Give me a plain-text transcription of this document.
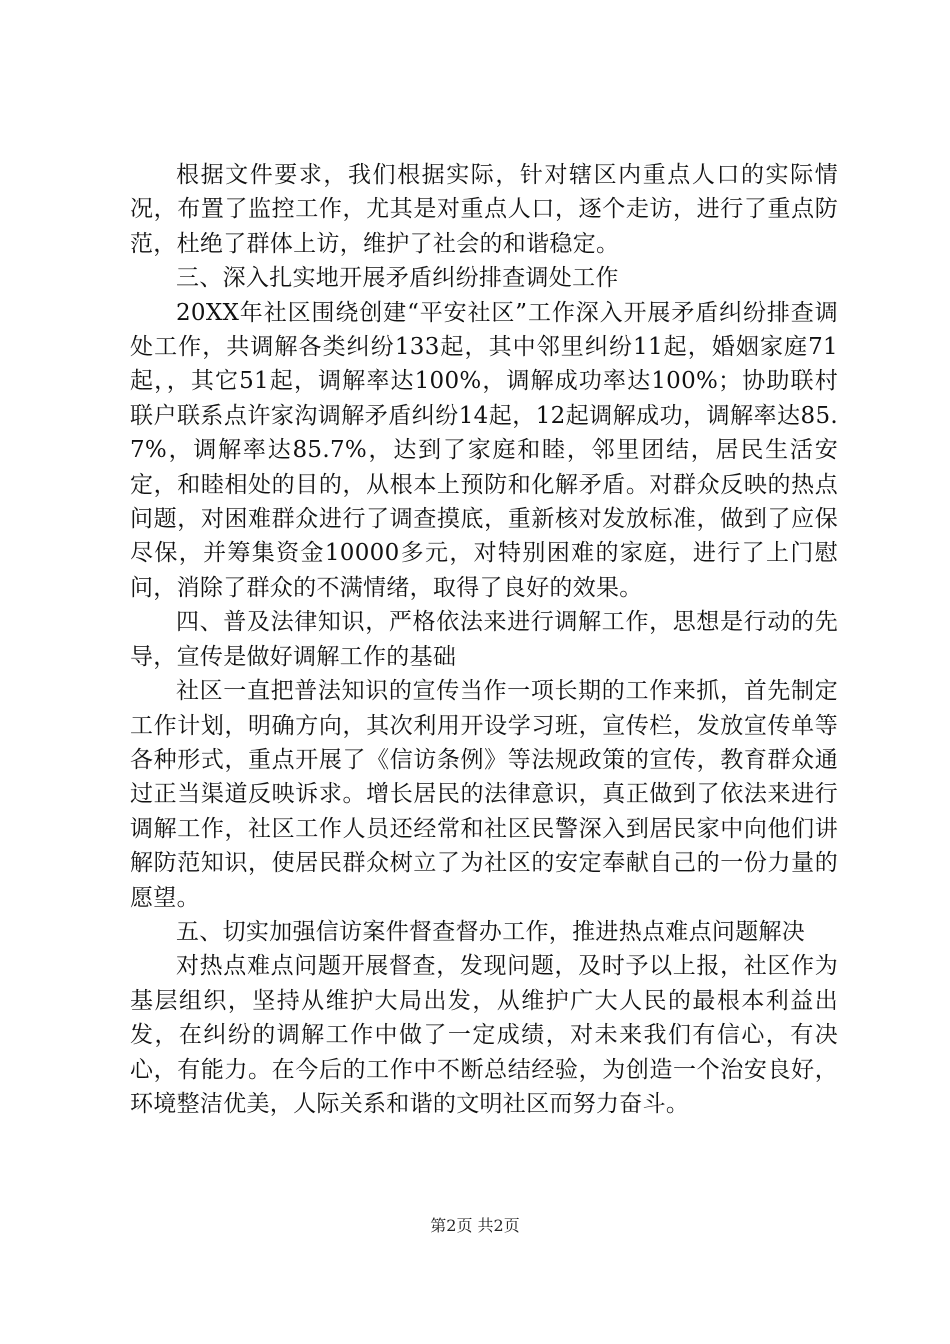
根据文件要求，我们根据实际，针对辖区内重点人口的实际情况，布置了监控工作，尤其是对重点人口，逐个走访，进行了重点防范，杜绝了群体上访，维护了社会的和谐稳定。

三、深入扎实地开展矛盾纠纷排查调处工作

20XX年社区围绕创建“平安社区”工作深入开展矛盾纠纷排查调处工作，共调解各类纠纷133起，其中邻里纠纷11起，婚姻家庭71起，，其它51起，调解率达100%，调解成功率达100%；协助联村联户联系点许家沟调解矛盾纠纷14起，12起调解成功，调解率达85.7%，调解率达85.7%，达到了家庭和睦，邻里团结，居民生活安定，和睦相处的目的，从根本上预防和化解矛盾。对群众反映的热点问题，对困难群众进行了调查摸底，重新核对发放标准，做到了应保尽保，并筹集资金10000多元，对特别困难的家庭，进行了上门慰问，消除了群众的不满情绪，取得了良好的效果。

四、普及法律知识，严格依法来进行调解工作，思想是行动的先导，宣传是做好调解工作的基础

社区一直把普法知识的宣传当作一项长期的工作来抓，首先制定工作计划，明确方向，其次利用开设学习班，宣传栏，发放宣传单等各种形式，重点开展了《信访条例》等法规政策的宣传，教育群众通过正当渠道反映诉求。增长居民的法律意识，真正做到了依法来进行调解工作，社区工作人员还经常和社区民警深入到居民家中向他们讲解防范知识，使居民群众树立了为社区的安定奉献自己的一份力量的愿望。

五、切实加强信访案件督查督办工作，推进热点难点问题解决

对热点难点问题开展督查，发现问题，及时予以上报，社区作为基层组织，坚持从维护大局出发，从维护广大人民的最根本利益出发，在纠纷的调解工作中做了一定成绩，对未来我们有信心，有决心，有能力。在今后的工作中不断总结经验，为创造一个治安良好，环境整洁优美，人际关系和谐的文明社区而努力奋斗。

第2页 共2页
